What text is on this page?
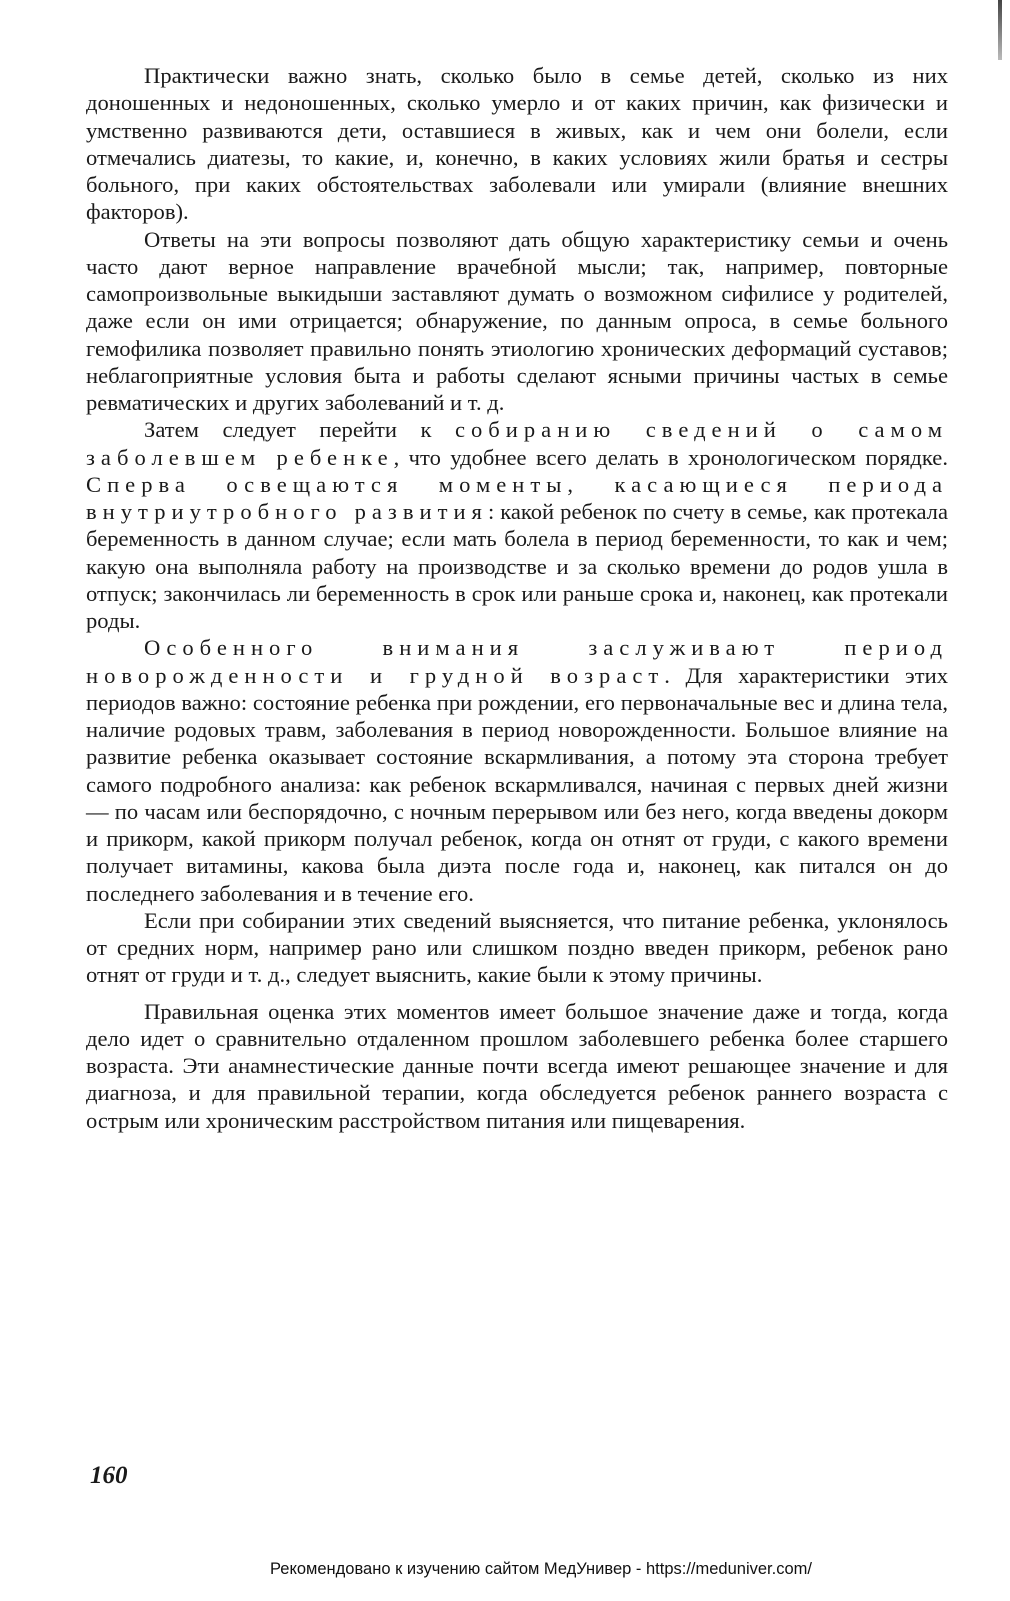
Практически важно знать, сколько было в семье детей, сколько из них доношенных и недоношенных, сколько умерло и от каких причин, как физически и умственно развиваются дети, оставшиеся в живых, как и чем они болели, если отмечались диатезы, то какие, и, конечно, в каких условиях жили братья и сестры больного, при каких обстоятельствах заболевали или умирали (влияние внешних факторов).

Ответы на эти вопросы позволяют дать общую характеристику семьи и очень часто дают верное направление врачебной мысли; так, например, повторные самопроизвольные выкидыши заставляют думать о возможном сифилисе у родителей, даже если он ими отрицается; обнаружение, по данным опроса, в семье больного гемофилика позволяет правильно понять этиологию хронических деформаций суставов; неблагоприятные условия быта и работы сделают ясными причины частых в семье ревматических и других заболеваний и т. д.

Затем следует перейти к собиранию сведений о самом заболевшем ребенке, что удобнее всего делать в хронологическом порядке. Сперва освещаются моменты, касающиеся периода внутриутробного развития: какой ребенок по счету в семье, как протекала беременность в данном случае; если мать болела в период беременности, то как и чем; какую она выполняла работу на производстве и за сколько времени до родов ушла в отпуск; закончилась ли беременность в срок или раньше срока и, наконец, как протекали роды.

Особенного внимания заслуживают период новорожденности и грудной возраст. Для характеристики этих периодов важно: состояние ребенка при рождении, его первоначальные вес и длина тела, наличие родовых травм, заболевания в период новорожденности. Большое влияние на развитие ребенка оказывает состояние вскармливания, а потому эта сторона требует самого подробного анализа: как ребенок вскармливался, начиная с первых дней жизни — по часам или беспорядочно, с ночным перерывом или без него, когда введены докорм и прикорм, какой прикорм получал ребенок, когда он отнят от груди, с какого времени получает витамины, какова была диэта после года и, наконец, как питался он до последнего заболевания и в течение его.

Если при собирании этих сведений выясняется, что питание ребенка, уклонялось от средних норм, например рано или слишком поздно введен прикорм, ребенок рано отнят от груди и т. д., следует выяснить, какие были к этому причины.

Правильная оценка этих моментов имеет большое значение даже и тогда, когда дело идет о сравнительно отдаленном прошлом заболевшего ребенка более старшего возраста. Эти анамнестические данные почти всегда имеют решающее значение и для диагноза, и для правильной терапии, когда обследуется ребенок раннего возраста с острым или хроническим расстройством питания или пищеварения.

160
Рекомендовано к изучению сайтом МедУнивер - https://meduniver.com/
